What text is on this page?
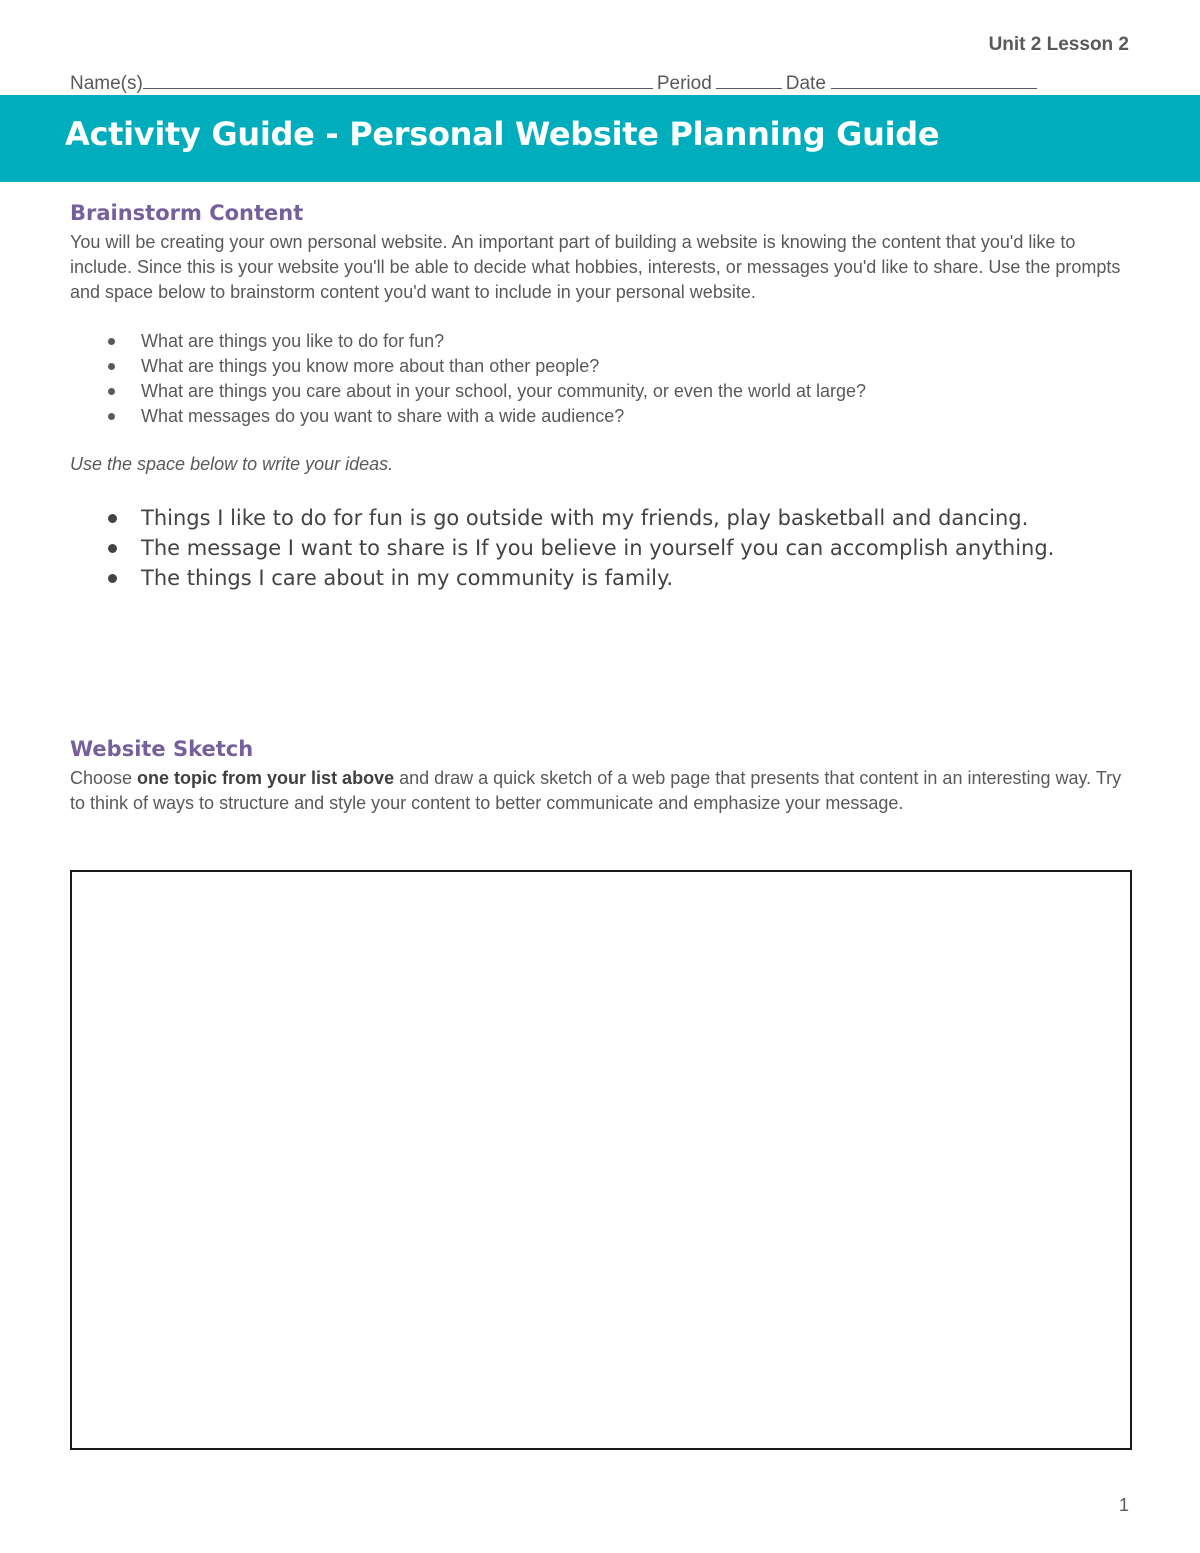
Unit 2 Lesson 2
Name(s)	Period	Date
Activity Guide - Personal Website Planning Guide
Brainstorm Content
You will be creating your own personal website. An important part of building a website is knowing the content that you'd like to include. Since this is your website you'll be able to decide what hobbies, interests, or messages you'd like to share. Use the prompts and space below to brainstorm content you'd want to include in your personal website.
What are things you like to do for fun?
What are things you know more about than other people?
What are things you care about in your school, your community, or even the world at large?
What messages do you want to share with a wide audience?
Use the space below to write your ideas.
Things I like to do for fun is go outside with my friends, play basketball and dancing.
The message I want to share is If you believe in yourself you can accomplish anything.
The things I care about in my community is family.
Website Sketch
Choose one topic from your list above and draw a quick sketch of a web page that presents that content in an interesting way. Try to think of ways to structure and style your content to better communicate and emphasize your message.
1
